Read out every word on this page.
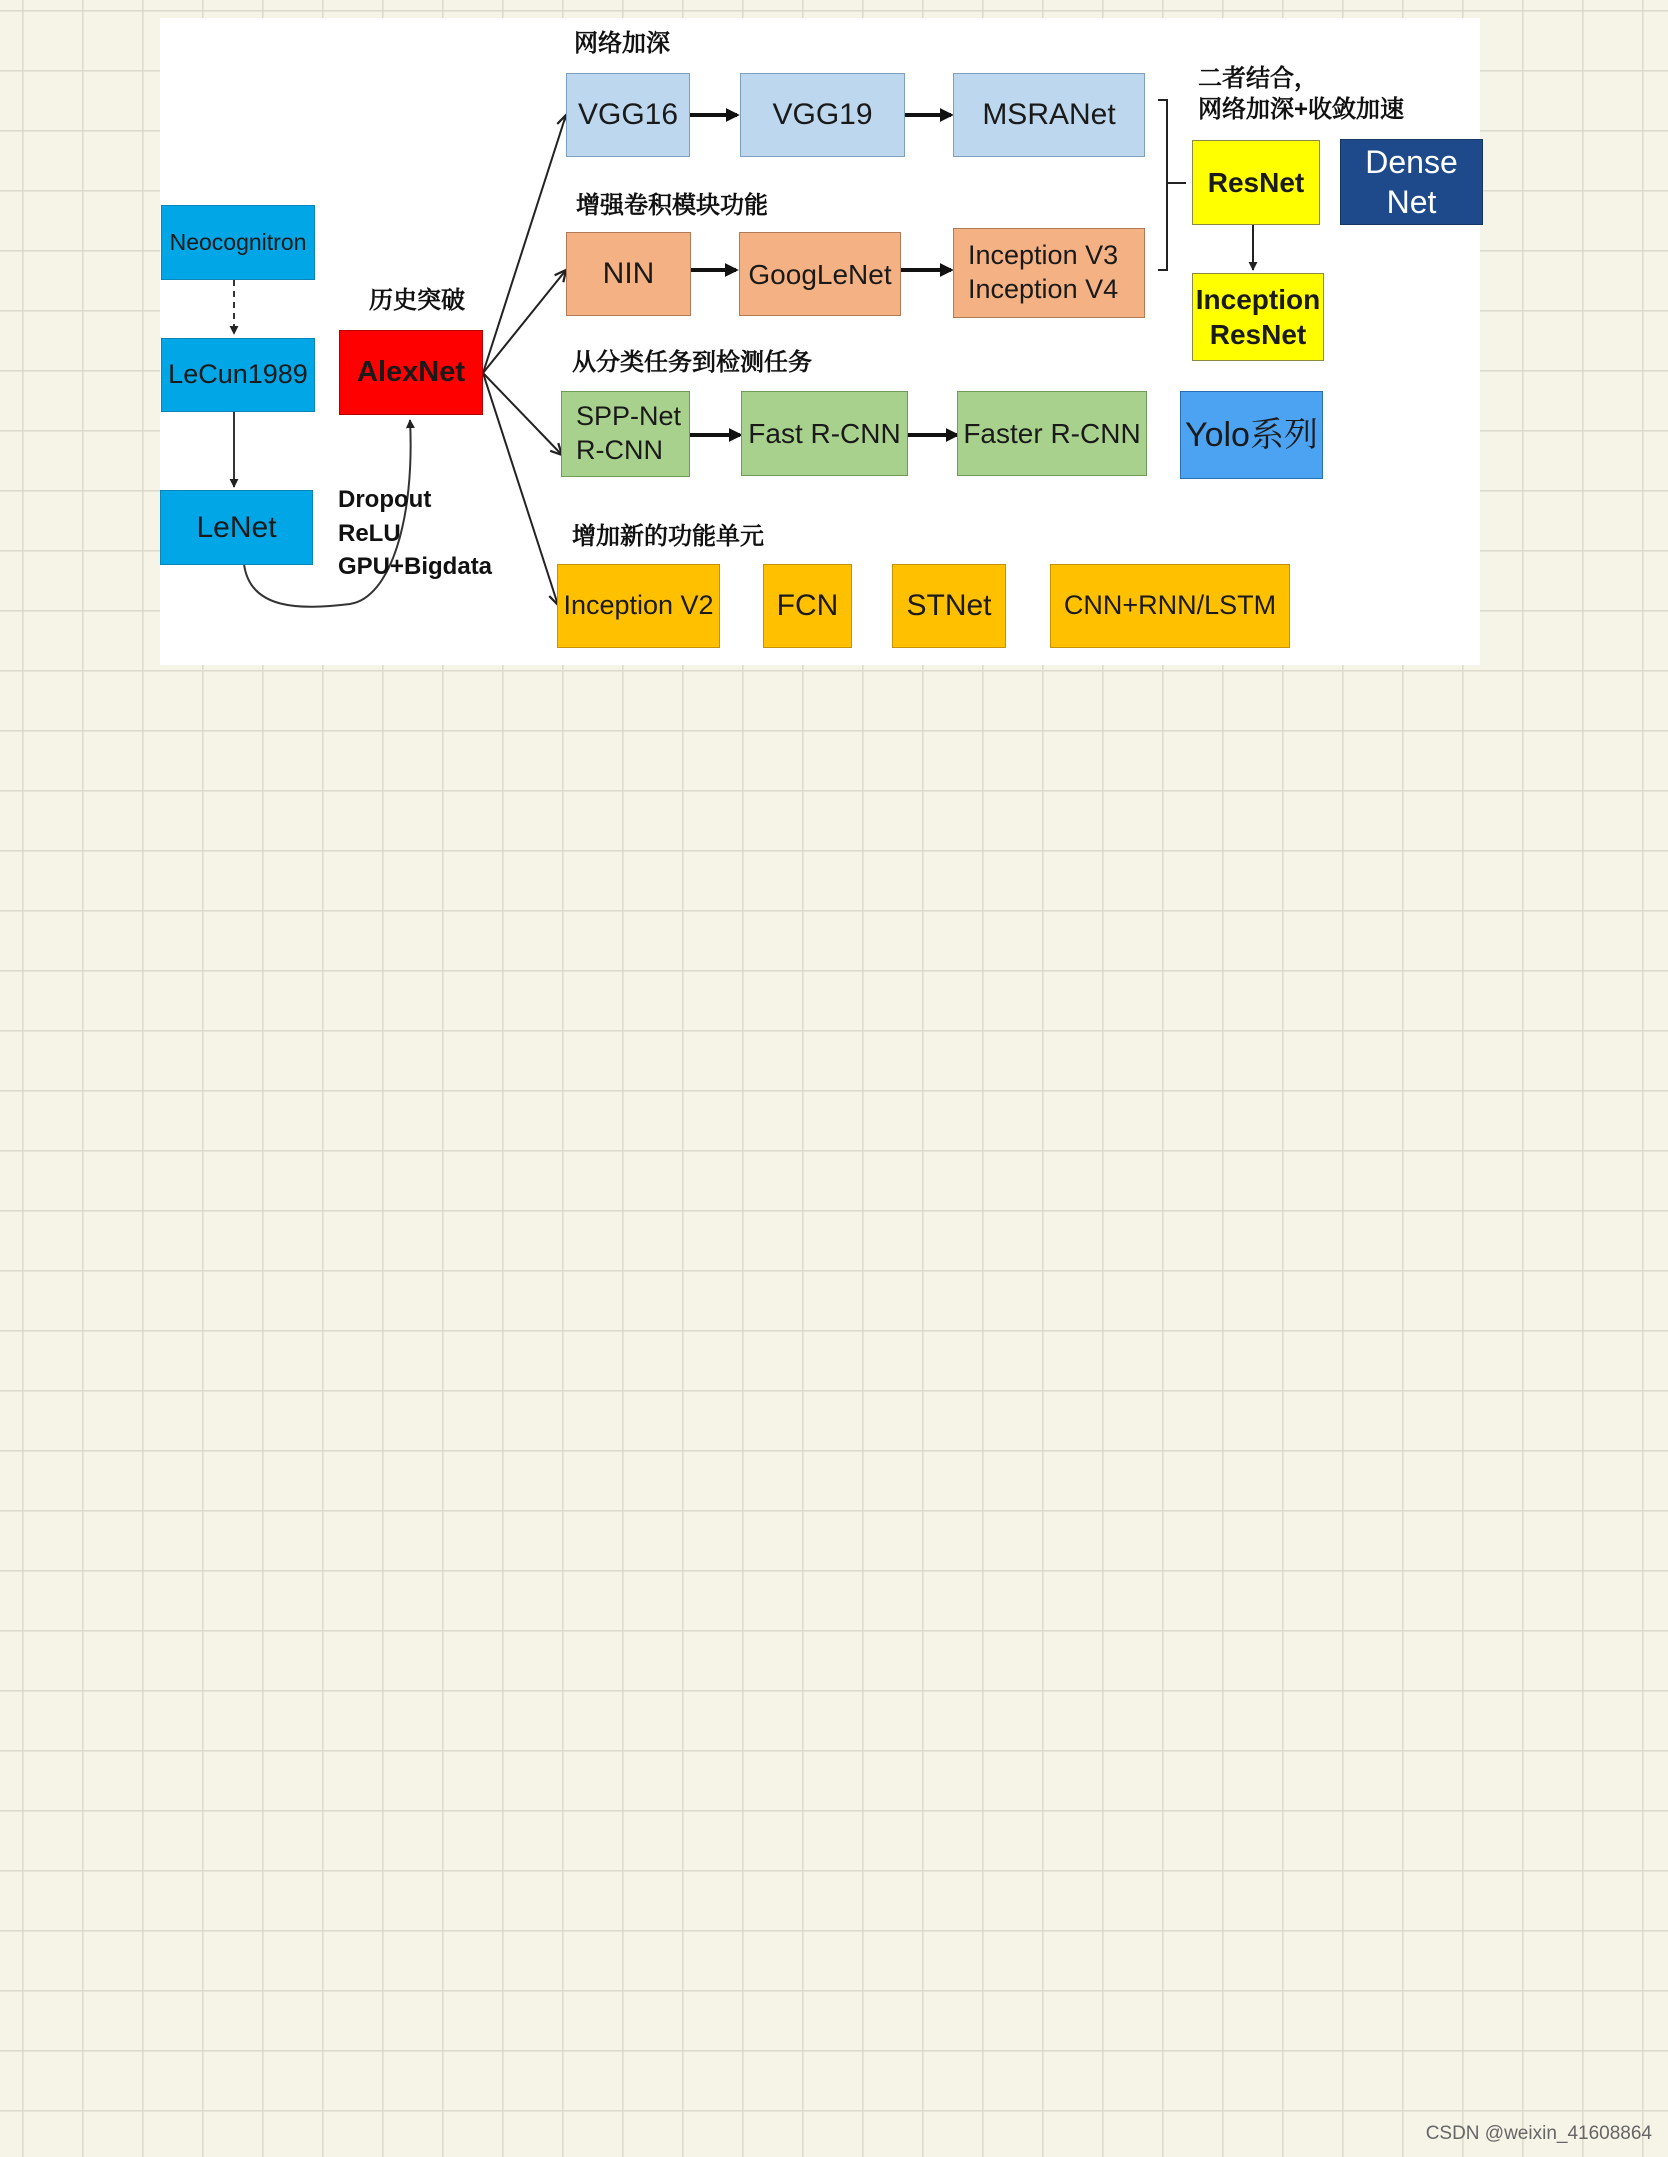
Neocognitron
LeCun1989
LeNet
AlexNet
VGG16	VGG19	MSRANet
NIN	GoogLeNet
Inception V3
Inception V4
SPP-Net
R-CNN
Fast R-CNN Faster R-CNN Yolo系列
Inception V2 FCN STNet	CNN+RNN/LSTM
ResNet
Dense
Net
Inception
ResNet
历史突破
网络加深
增强卷积模块功能
从分类任务到检测任务
增加新的功能单元
二者结合，
网络加深+收敛加速
Dropout
ReLU
GPU+Bigdata
CSDN @weixin_41608864
